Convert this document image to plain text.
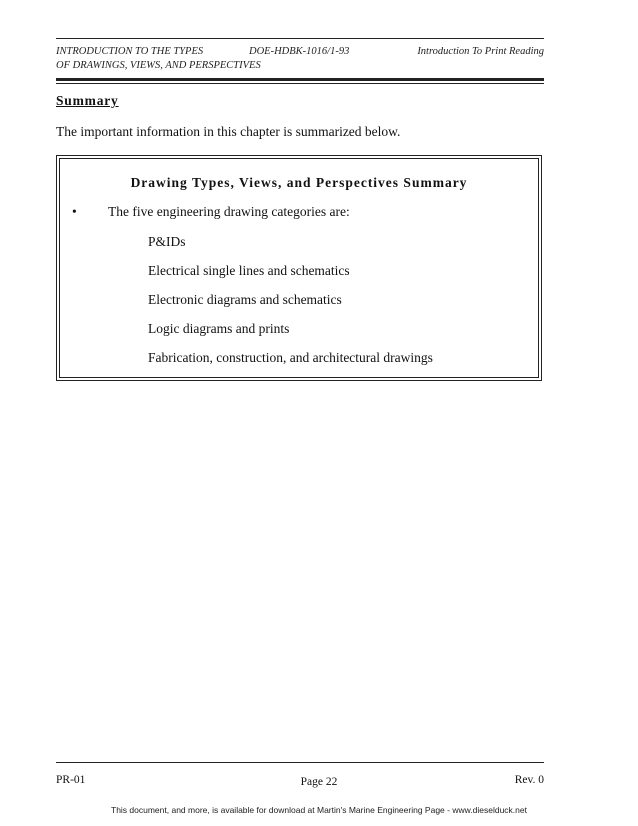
INTRODUCTION TO THE TYPES	DOE-HDBK-1016/1-93	Introduction To Print Reading
OF DRAWINGS, VIEWS, AND PERSPECTIVES
Summary
The important information in this chapter is summarized below.
Drawing Types, Views, and Perspectives Summary
• The five engineering drawing categories are:
P&IDs
Electrical single lines and schematics
Electronic diagrams and schematics
Logic diagrams and prints
Fabrication, construction, and architectural drawings
PR-01	Page 22	Rev. 0
This document, and more, is available for download at Martin's Marine Engineering Page - www.dieselduck.net
